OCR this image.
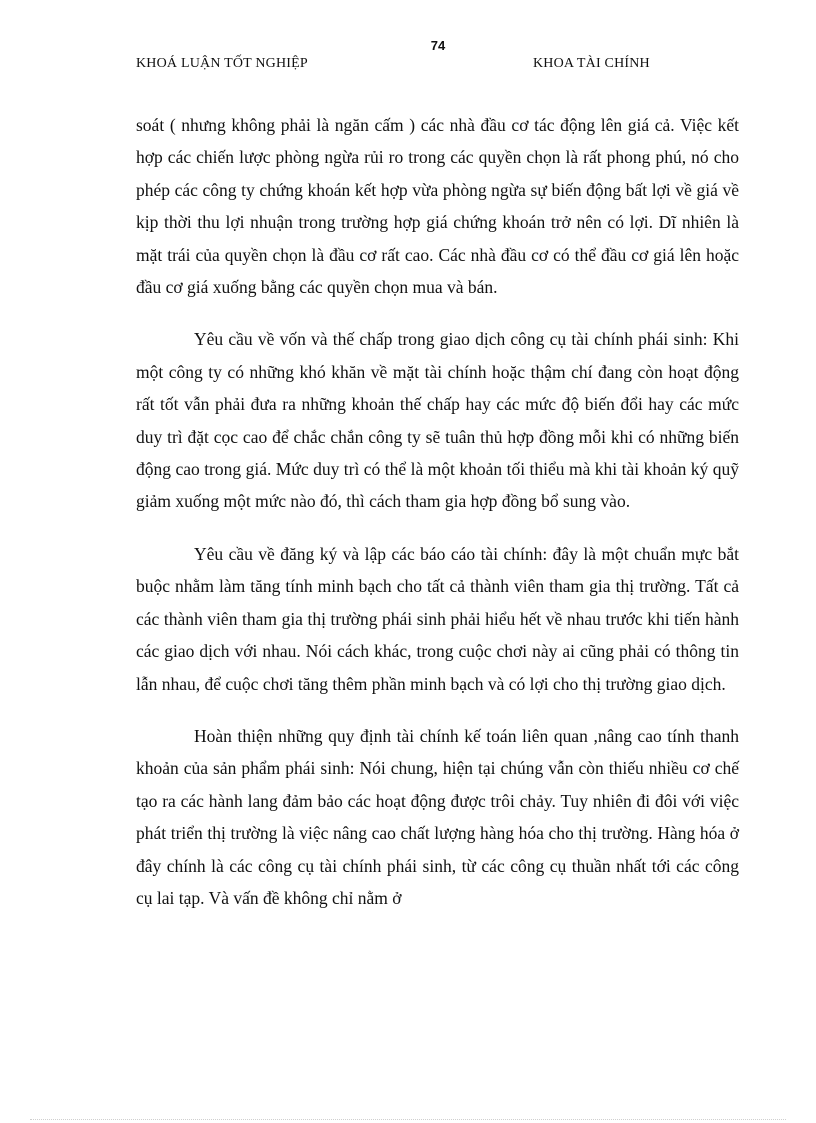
74
KHOÁ LUẬN TỐT NGHIỆP	KHOA TÀI CHÍNH

soát ( nhưng không phải là ngăn cấm ) các nhà đầu cơ tác động lên giá cả. Việc kết hợp các chiến lược phòng ngừa rủi ro trong các quyền chọn là rất phong phú, nó cho phép các công ty chứng khoán kết hợp vừa phòng ngừa sự biến động bất lợi về giá về kịp thời thu lợi nhuận trong trường hợp giá chứng khoán trở nên có lợi. Dĩ nhiên là mặt trái của quyền chọn là đầu cơ rất cao. Các nhà đầu cơ có thể đầu cơ giá lên hoặc đầu cơ giá xuống bằng các quyền chọn mua và bán.

Yêu cầu về vốn và thế chấp trong giao dịch công cụ tài chính phái sinh: Khi một công ty có những khó khăn về mặt tài chính hoặc thậm chí đang còn hoạt động rất tốt vẫn phải đưa ra những khoản thế chấp hay các mức độ biến đổi hay các mức duy trì đặt cọc cao để chắc chắn công ty sẽ tuân thủ hợp đồng mỗi khi có những biến động cao trong giá. Mức duy trì có thể là một khoản tối thiểu mà khi tài khoản ký quỹ giảm xuống một mức nào đó, thì cách tham gia hợp đồng bổ sung vào.

Yêu cầu về đăng ký và lập các báo cáo tài chính: đây là một chuẩn mực bắt buộc nhằm làm tăng tính minh bạch cho tất cả thành viên tham gia thị trường. Tất cả các thành viên tham gia thị trường phái sinh phải hiểu hết về nhau trước khi tiến hành các giao dịch với nhau. Nói cách khác, trong cuộc chơi này ai cũng phải có thông tin lẫn nhau, để cuộc chơi tăng thêm phần minh bạch và có lợi cho thị trường giao dịch.

Hoàn thiện những quy định tài chính kế toán liên quan ,nâng cao tính thanh khoản của sản phẩm phái sinh: Nói chung, hiện tại chúng vẫn còn thiếu nhiều cơ chế tạo ra các hành lang đảm bảo các hoạt động được trôi chảy. Tuy nhiên đi đôi với việc phát triển thị trường là việc nâng cao chất lượng hàng hóa cho thị trường. Hàng hóa ở đây chính là các công cụ tài chính phái sinh, từ các công cụ thuần nhất tới các công cụ lai tạp. Và vấn đề không chỉ nằm ở
